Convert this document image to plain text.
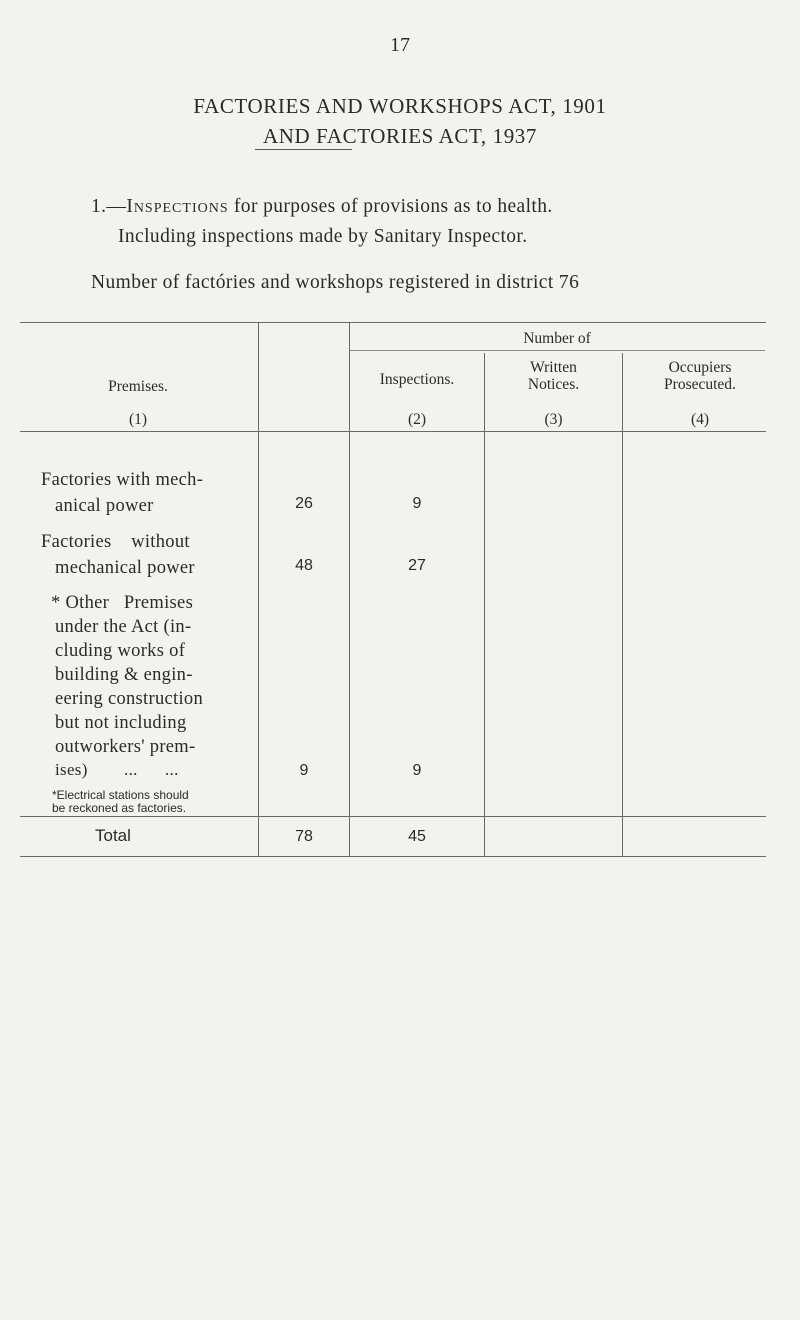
17
FACTORIES AND WORKSHOPS ACT, 1901
AND FACTORIES ACT, 1937
1.—Inspections for purposes of provisions as to health.
Including inspections made by Sanitary Inspector.
Number of factóries and workshops registered in district 76
Number of
Premises.
(1)
Inspections.
(2)
Written
Notices.
(3)
Occupiers
Prosecuted.
(4)
Factories with mech-
anical power	26	9
Factories    without
mechanical power	48	27
* Other   Premises
under the Act (in-
cluding works of
building & engin-
eering construction
but not including
outworkers' prem-
ises)        ...      ...	9	9
Total	78	45
*Electrical stations should
be reckoned as factories.
